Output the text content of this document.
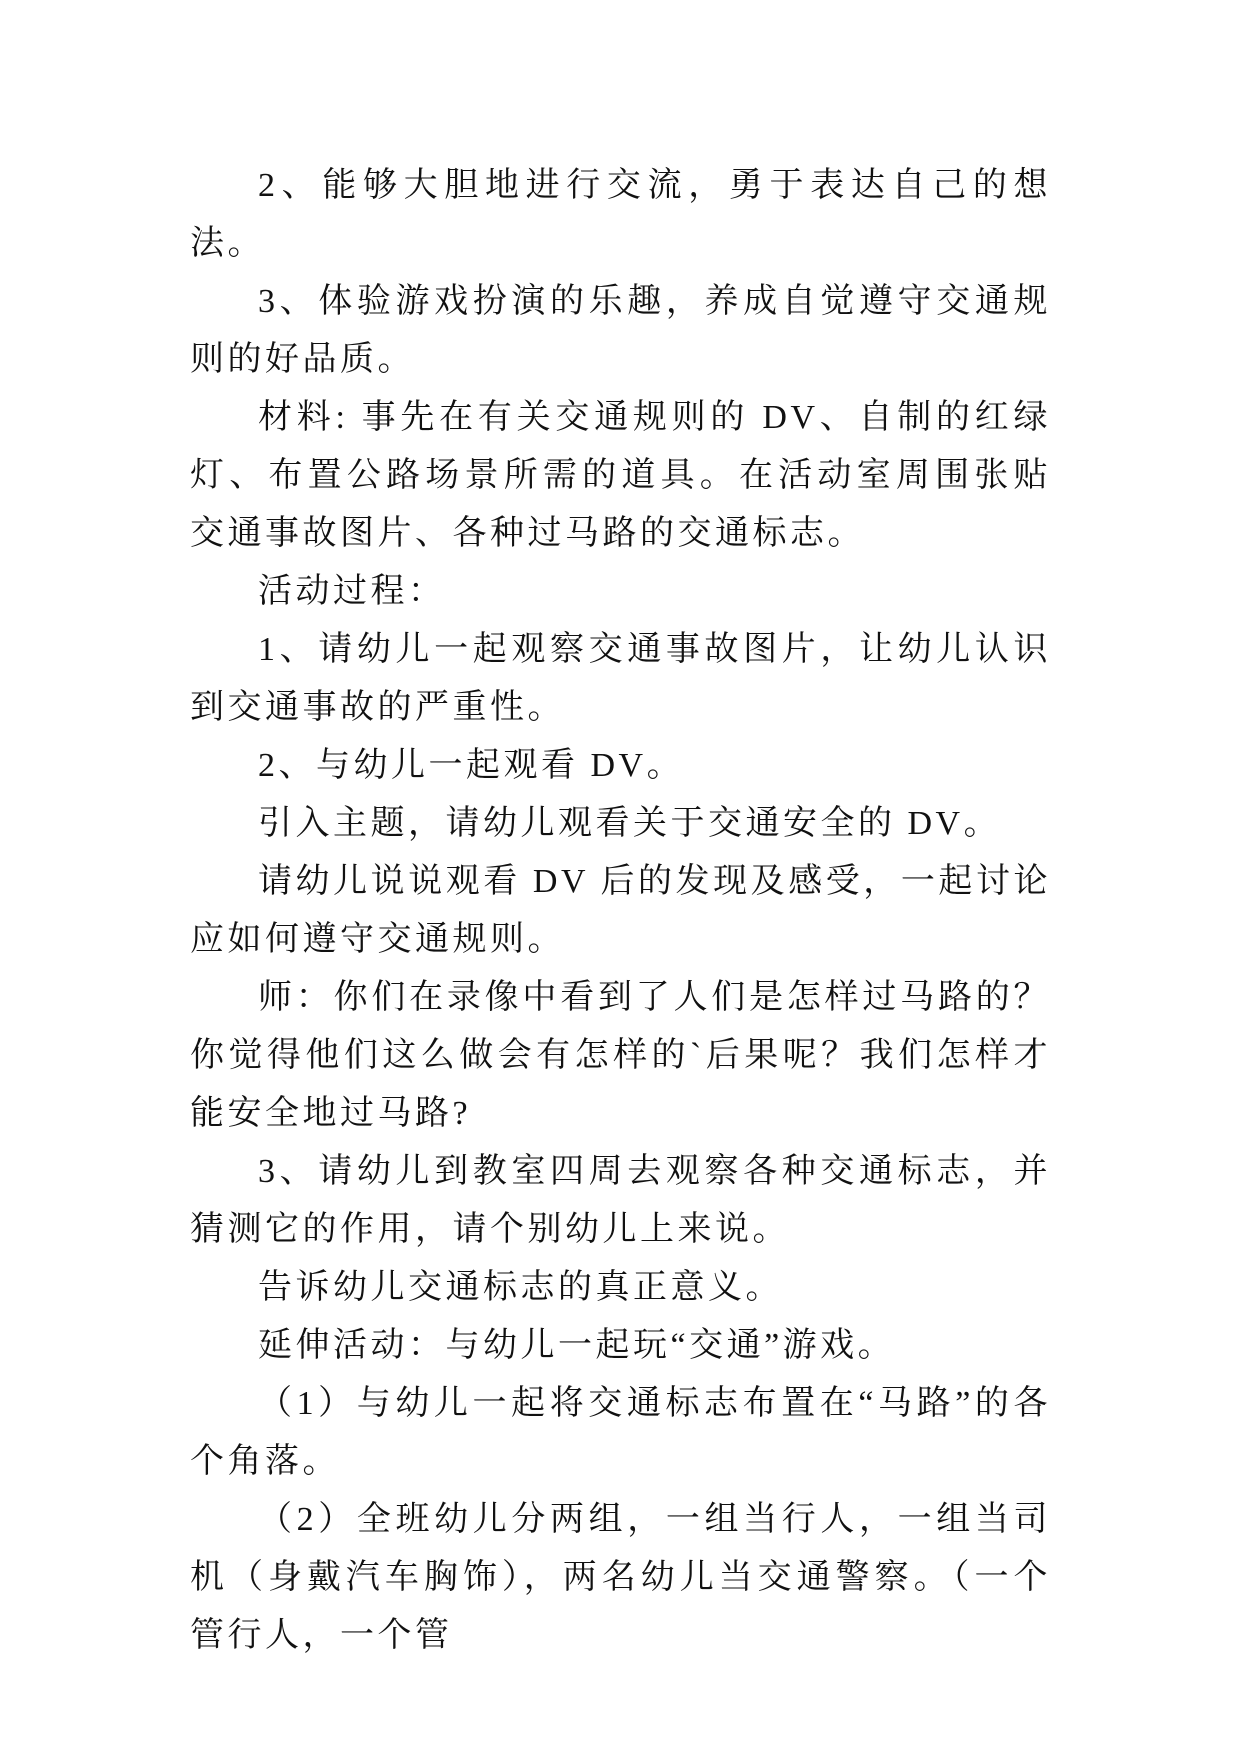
2、能够大胆地进行交流，勇于表达自己的想法。

3、体验游戏扮演的乐趣，养成自觉遵守交通规则的好品质。

材料: 事先在有关交通规则的 DV、自制的红绿灯、布置公路场景所需的道具。在活动室周围张贴交通事故图片、各种过马路的交通标志。

活动过程：

1、请幼儿一起观察交通事故图片，让幼儿认识到交通事故的严重性。

2、与幼儿一起观看 DV。

引入主题，请幼儿观看关于交通安全的 DV。

请幼儿说说观看 DV 后的发现及感受，一起讨论应如何遵守交通规则。

师：你们在录像中看到了人们是怎样过马路的？你觉得他们这么做会有怎样的`后果呢？我们怎样才能安全地过马路?

3、请幼儿到教室四周去观察各种交通标志，并猜测它的作用，请个别幼儿上来说。

告诉幼儿交通标志的真正意义。

延伸活动：与幼儿一起玩“交通”游戏。

（1）与幼儿一起将交通标志布置在“马路”的各个角落。

（2）全班幼儿分两组，一组当行人，一组当司机（身戴汽车胸饰），两名幼儿当交通警察。（一个管行人，一个管
